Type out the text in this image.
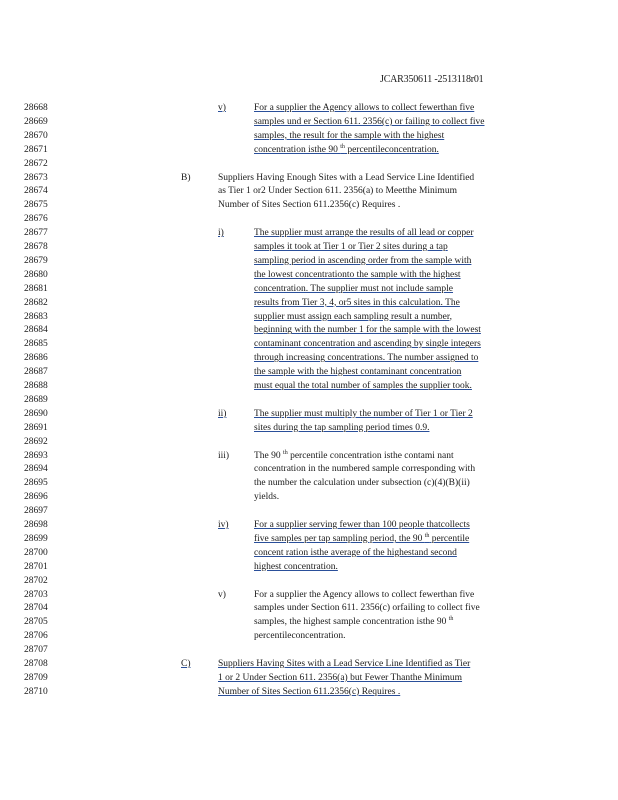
JCAR350611 -2513118r01
28668
28669
28670
28671
28672
28673
28674
28675
28676
28677
28678
28679
28680
28681
28682
28683
28684
28685
28686
28687
28688
28689
28690
28691
28692
28693
28694
28695
28696
28697
28698
28699
28700
28701
28702
28703
28704
28705
28706
28707
28708
28709
28710
v)	For a supplier the Agency allows to collect fewerthan five
samples und er Section 611. 2356(c) or failing to collect five
samples, the result for the sample with the highest
concentration isthe 90 $^{th}$ percentileconcentration.
B)	Suppliers Having Enough Sites with a Lead Service Line Identified
as Tier 1 or2 Under Section 611. 2356(a) to Meetthe Minimum
Number of Sites Section 611.2356(c) Requires .
i)	The supplier must arrange the results of all lead or copper
samples it took at Tier 1 or Tier 2 sites during a tap
sampling period in ascending order from the sample with
the lowest concentrationto the sample with the highest
concentration. The supplier must not include sample
results from Tier 3, 4, or5 sites in this calculation. The
supplier must assign each sampling result a number,
beginning with the number 1 for the sample with the lowest
contaminant concentration and ascending by single integers
through increasing concentrations. The number assigned to
the sample with the highest contaminant concentration
must equal the total number of samples the supplier took.
ii)	The supplier must multiply the number of Tier 1 or Tier 2
sites during the tap sampling period times 0.9.
iii)	The 90 $^{th}$ percentile concentration isthe contami nant
concentration in the numbered sample corresponding with
the number the calculation under subsection (c)(4)(B)(ii)
yields.
iv)	For a supplier serving fewer than 100 people thatcollects
five samples per tap sampling period, the 90 $^{th}$ percentile
concent ration isthe average of the highestand second
highest concentration.
v)	For a supplier the Agency allows to collect fewerthan five
samples under Section 611. 2356(c) orfailing to collect five
samples, the highest sample concentration isthe 90 $^{th}$
percentileconcentration.
C)	Suppliers Having Sites with a Lead Service Line Identified as Tier
1 or 2 Under Section 611. 2356(a) but Fewer Thanthe Minimum
Number of Sites Section 611.2356(c) Requires .
